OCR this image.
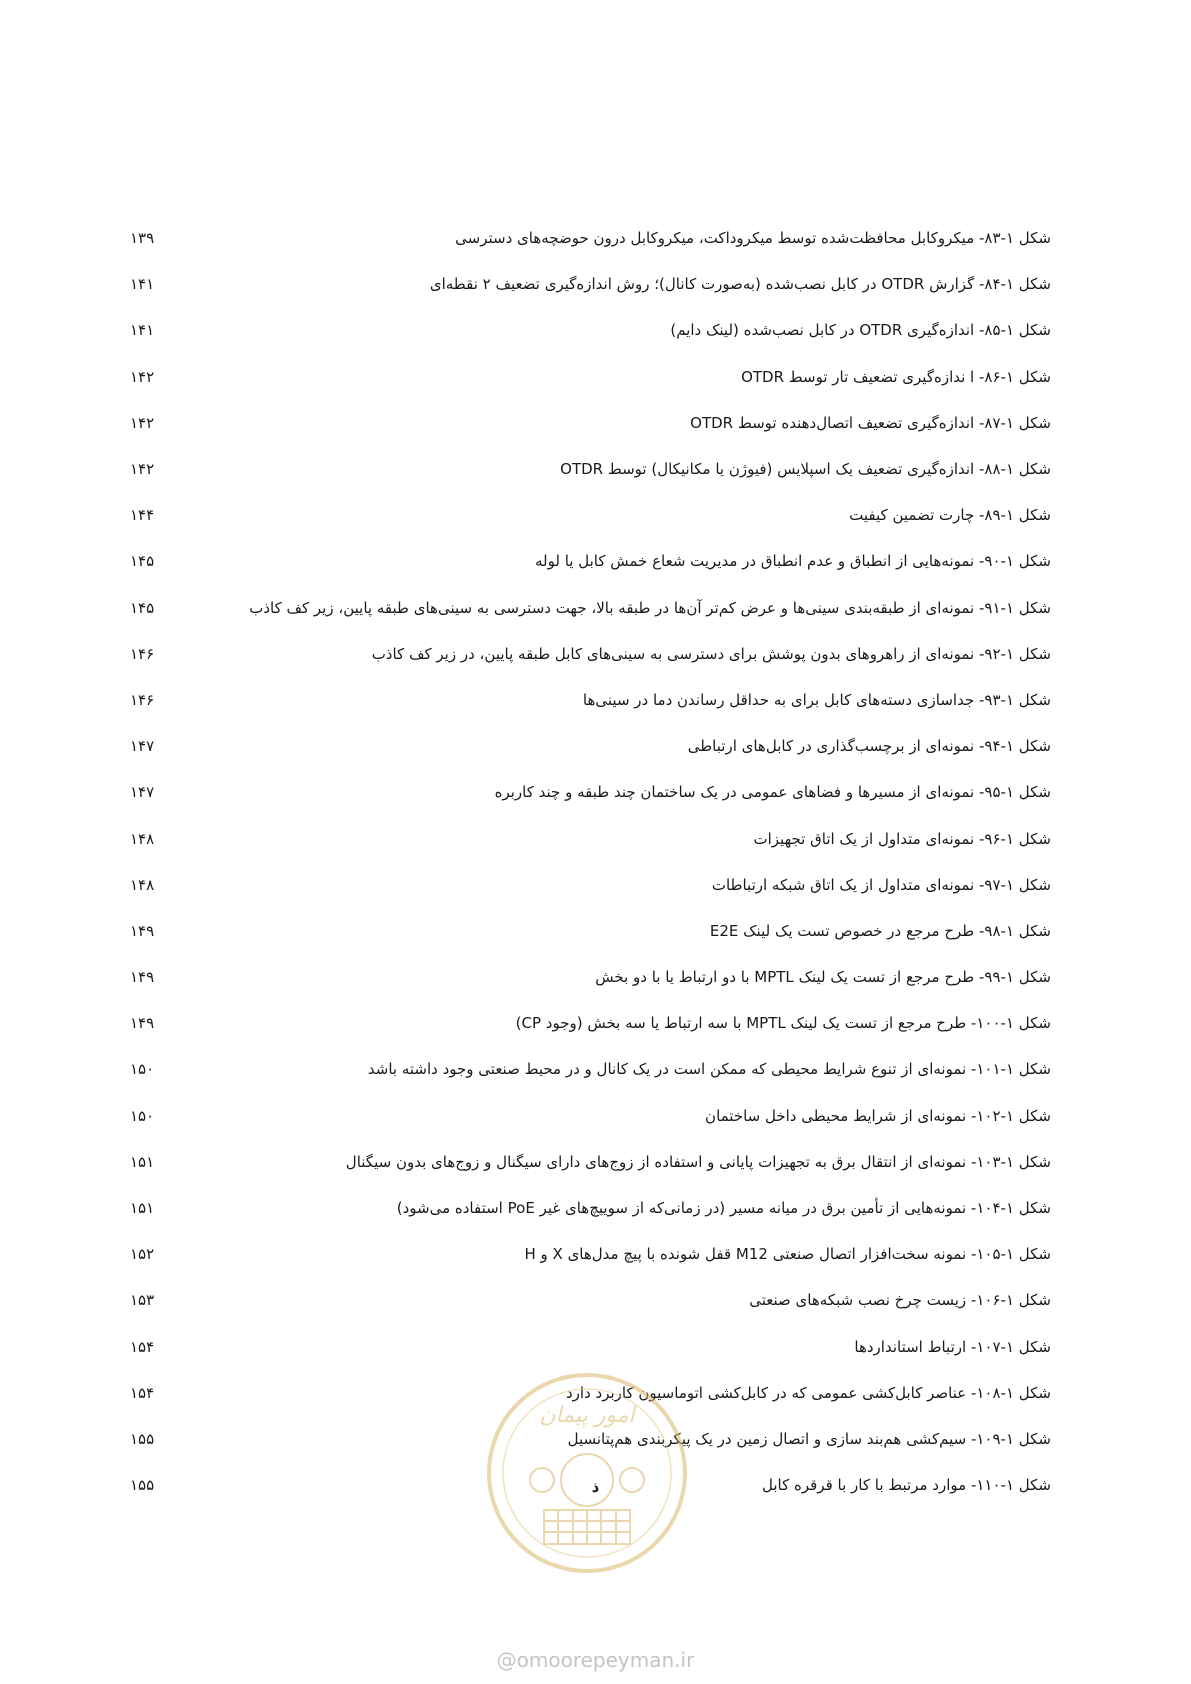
شکل ۱-۸۳- میکروکابل محافظت‌شده توسط میکروداکت، میکروکابل درون حوضچه‌های دسترسی
۱۳۹
شکل ۱-۸۴- گزارش OTDR در کابل نصب‌شده (به‌صورت کانال)؛ روش اندازه‌گیری تضعیف ۲ نقطه‌ای
۱۴۱
شکل ۱-۸۵- اندازه‌گیری OTDR در کابل نصب‌شده (لینک دایم)
۱۴۱
شکل ۱-۸۶- ا ندازه‌گیری تضعیف تار توسط OTDR
۱۴۲
شکل ۱-۸۷- اندازه‌گیری تضعیف اتصال‌دهنده توسط OTDR
۱۴۲
شکل ۱-۸۸- اندازه‌گیری تضعیف یک اسپلایس (فیوژن یا مکانیکال) توسط OTDR
۱۴۲
شکل ۱-۸۹- چارت تضمین کیفیت
۱۴۴
شکل ۱-۹۰- نمونه‌هایی از انطباق و عدم انطباق در مدیریت شعاع خمش کابل یا لوله
۱۴۵
شکل ۱-۹۱- نمونه‌ای از طبقه‌بندی سینی‌ها و عرض کم‌تر آن‌ها در طبقه بالا، جهت دسترسی به سینی‌های طبقه پایین، زیر کف کاذب
۱۴۵
شکل ۱-۹۲- نمونه‌ای از راهروهای بدون پوشش برای دسترسی به سینی‌های کابل طبقه پایین، در زیر کف کاذب
۱۴۶
شکل ۱-۹۳- جداسازی دسته‌های کابل برای به حداقل رساندن دما در سینی‌ها
۱۴۶
شکل ۱-۹۴- نمونه‌ای از برچسب‌گذاری در کابل‌های ارتباطی
۱۴۷
شکل ۱-۹۵- نمونه‌ای از مسیرها و فضاهای عمومی در یک ساختمان چند طبقه و چند کاربره
۱۴۷
شکل ۱-۹۶- نمونه‌ای متداول از یک اتاق تجهیزات
۱۴۸
شکل ۱-۹۷- نمونه‌ای متداول از یک اتاق شبکه ارتباطات
۱۴۸
شکل ۱-۹۸- طرح مرجع در خصوص تست یک لینک E2E
۱۴۹
شکل ۱-۹۹- طرح مرجع از تست یک لینک MPTL با دو ارتباط یا با دو بخش
۱۴۹
شکل ۱-۱۰۰- طرح مرجع از تست یک لینک MPTL با سه ارتباط یا سه بخش (وجود CP)
۱۴۹
شکل ۱-۱۰۱- نمونه‌ای از تنوع شرایط محیطی که ممکن است در یک کانال و در محیط صنعتی وجود داشته باشد
۱۵۰
شکل ۱-۱۰۲- نمونه‌ای از شرایط محیطی داخل ساختمان
۱۵۰
شکل ۱-۱۰۳- نمونه‌ای از انتقال برق به تجهیزات پایانی و استفاده از زوج‌های دارای سیگنال و زوج‌های بدون سیگنال
۱۵۱
شکل ۱-۱۰۴- نمونه‌هایی از تأمین برق در میانه مسیر (در زمانی‌که از سوییچ‌های غیر PoE استفاده می‌شود)
۱۵۱
شکل ۱-۱۰۵- نمونه سخت‌افزار اتصال صنعتی M12 قفل شونده با پیچ مدل‌های X و H
۱۵۲
شکل ۱-۱۰۶- زیست چرخ نصب شبکه‌های صنعتی
۱۵۳
شکل ۱-۱۰۷- ارتباط استانداردها
۱۵۴
شکل ۱-۱۰۸- عناصر کابل‌کشی عمومی که در کابل‌کشی اتوماسیون کاربرد دارد
۱۵۴
شکل ۱-۱۰۹- سیم‌کشی هم‌بند سازی و اتصال زمین در یک پیکربندی هم‌پتانسیل
۱۵۵
شکل ۱-۱۱۰- موارد مرتبط با کار با قرقره کابل
۱۵۵	ذ
امور پیمان
@omoorepeyman.ir
